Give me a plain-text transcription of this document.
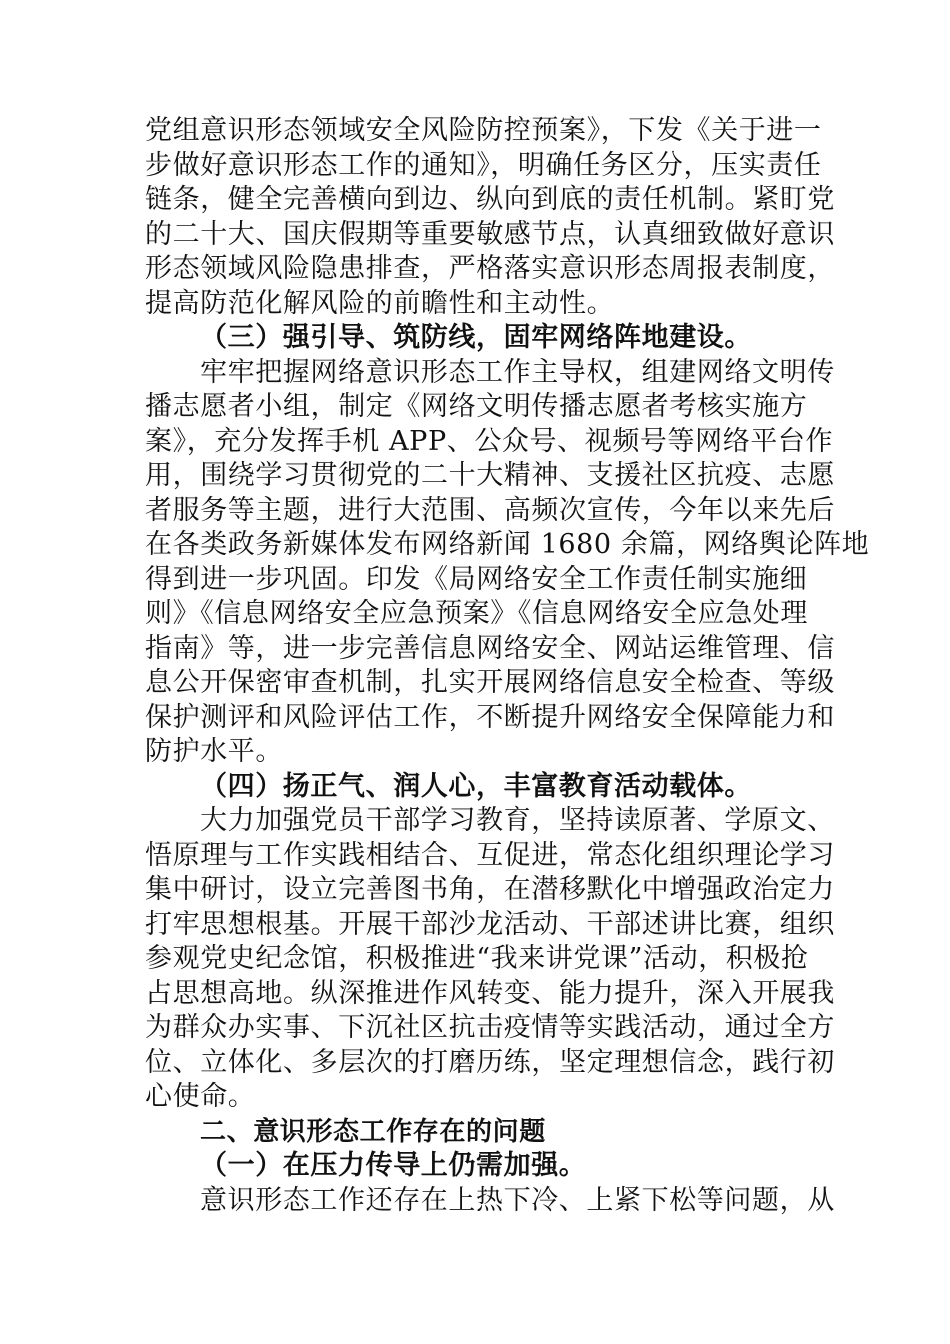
党组意识形态领域安全风险防控预案》，下发《关于进一
步做好意识形态工作的通知》，明确任务区分，压实责任
链条，健全完善横向到边、纵向到底的责任机制。紧盯党
的二十大、国庆假期等重要敏感节点，认真细致做好意识
形态领域风险隐患排查，严格落实意识形态周报表制度，
提高防范化解风险的前瞻性和主动性。
（三）强引导、筑防线，固牢网络阵地建设。
牢牢把握网络意识形态工作主导权，组建网络文明传
播志愿者小组，制定《网络文明传播志愿者考核实施方
案》，充分发挥手机 APP、公众号、视频号等网络平台作
用，围绕学习贯彻党的二十大精神、支援社区抗疫、志愿
者服务等主题，进行大范围、高频次宣传，今年以来先后
在各类政务新媒体发布网络新闻 1680 余篇，网络舆论阵地
得到进一步巩固。印发《局网络安全工作责任制实施细
则》《信息网络安全应急预案》《信息网络安全应急处理
指南》等，进一步完善信息网络安全、网站运维管理、信
息公开保密审查机制，扎实开展网络信息安全检查、等级
保护测评和风险评估工作，不断提升网络安全保障能力和
防护水平。
（四）扬正气、润人心，丰富教育活动载体。
大力加强党员干部学习教育，坚持读原著、学原文、
悟原理与工作实践相结合、互促进，常态化组织理论学习
集中研讨，设立完善图书角，在潜移默化中增强政治定力
打牢思想根基。开展干部沙龙活动、干部述讲比赛，组织
参观党史纪念馆，积极推进“我来讲党课”活动，积极抢
占思想高地。纵深推进作风转变、能力提升，深入开展我
为群众办实事、下沉社区抗击疫情等实践活动，通过全方
位、立体化、多层次的打磨历练，坚定理想信念，践行初
心使命。
二、意识形态工作存在的问题
（一）在压力传导上仍需加强。
意识形态工作还存在上热下冷、上紧下松等问题，从
